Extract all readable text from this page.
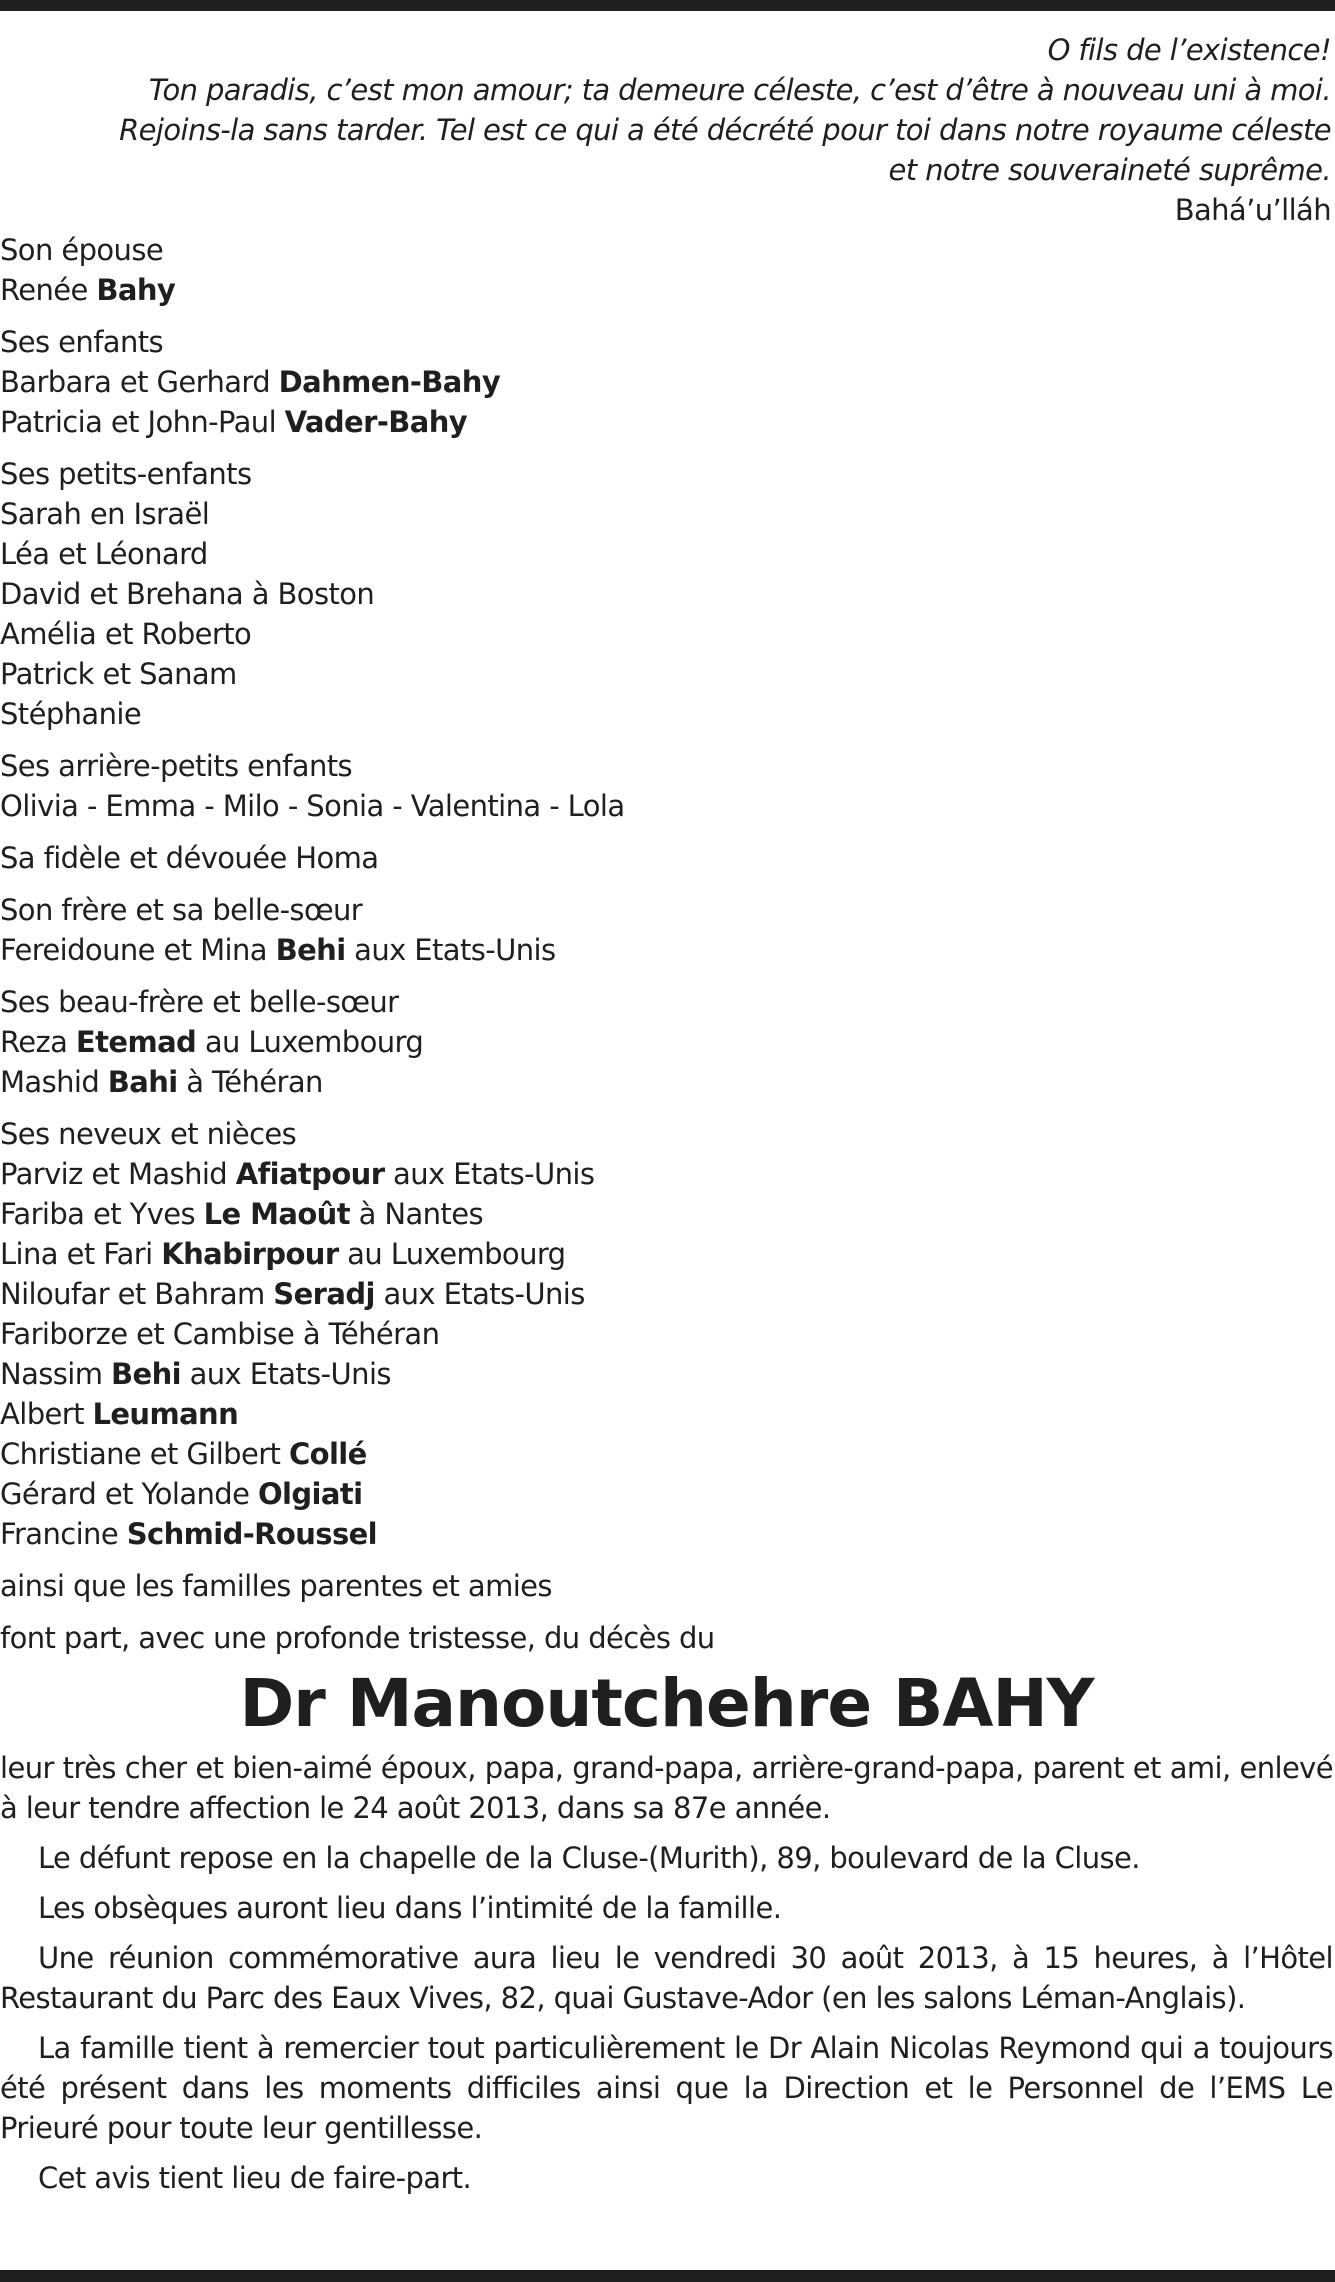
O fils de l’existence!
Ton paradis, c’est mon amour; ta demeure céleste, c’est d’être à nouveau uni à moi.
Rejoins-la sans tarder. Tel est ce qui a été décrété pour toi dans notre royaume céleste
et notre souveraineté suprême.
Bahá’u’lláh
Son épouse
Renée Bahy
Ses enfants
Barbara et Gerhard Dahmen-Bahy
Patricia et John-Paul Vader-Bahy
Ses petits-enfants
Sarah en Israël
Léa et Léonard
David et Brehana à Boston
Amélia et Roberto
Patrick et Sanam
Stéphanie
Ses arrière-petits enfants
Olivia - Emma - Milo - Sonia - Valentina - Lola
Sa fidèle et dévouée Homa
Son frère et sa belle-sœur
Fereidoune et Mina Behi aux Etats-Unis
Ses beau-frère et belle-sœur
Reza Etemad au Luxembourg
Mashid Bahi à Téhéran
Ses neveux et nièces
Parviz et Mashid Afiatpour aux Etats-Unis
Fariba et Yves Le Maoût à Nantes
Lina et Fari Khabirpour au Luxembourg
Niloufar et Bahram Seradj aux Etats-Unis
Fariborze et Cambise à Téhéran
Nassim Behi aux Etats-Unis
Albert Leumann
Christiane et Gilbert Collé
Gérard et Yolande Olgiati
Francine Schmid-Roussel
ainsi que les familles parentes et amies
font part, avec une profonde tristesse, du décès du
Dr Manoutchehre BAHY

leur très cher et bien-aimé époux, papa, grand-papa, arrière-grand-papa, parent et ami, enlevé à leur tendre affection le 24 août 2013, dans sa 87e année.

Le défunt repose en la chapelle de la Cluse-(Murith), 89, boulevard de la Cluse.

Les obsèques auront lieu dans l’intimité de la famille.

Une réunion commémorative aura lieu le vendredi 30 août 2013, à 15 heures, à l’Hôtel Restaurant du Parc des Eaux Vives, 82, quai Gustave-Ador (en les salons Léman-Anglais).

La famille tient à remercier tout particulièrement le Dr Alain Nicolas Reymond qui a toujours été présent dans les moments difficiles ainsi que la Direction et le Personnel de l’EMS Le Prieuré pour toute leur gentillesse.

Cet avis tient lieu de faire-part.
